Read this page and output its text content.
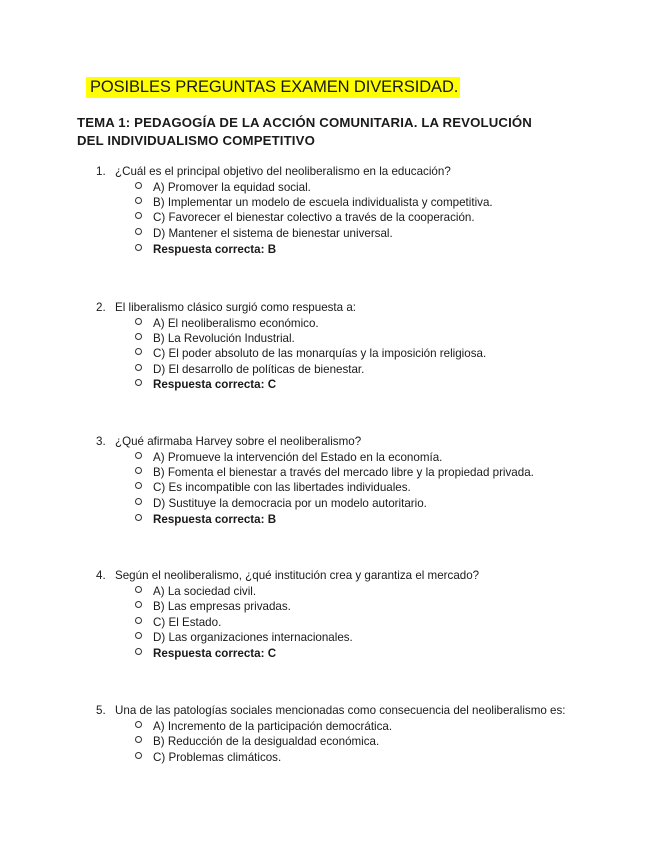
POSIBLES PREGUNTAS EXAMEN DIVERSIDAD.
TEMA 1: PEDAGOGÍA DE LA ACCIÓN COMUNITARIA. LA REVOLUCIÓN
DEL INDIVIDUALISMO COMPETITIVO
1. ¿Cuál es el principal objetivo del neoliberalismo en la educación?
A) Promover la equidad social.
B) Implementar un modelo de escuela individualista y competitiva.
C) Favorecer el bienestar colectivo a través de la cooperación.
D) Mantener el sistema de bienestar universal.
Respuesta correcta: B
2. El liberalismo clásico surgió como respuesta a:
A) El neoliberalismo económico.
B) La Revolución Industrial.
C) El poder absoluto de las monarquías y la imposición religiosa.
D) El desarrollo de políticas de bienestar.
Respuesta correcta: C
3. ¿Qué afirmaba Harvey sobre el neoliberalismo?
A) Promueve la intervención del Estado en la economía.
B) Fomenta el bienestar a través del mercado libre y la propiedad privada.
C) Es incompatible con las libertades individuales.
D) Sustituye la democracia por un modelo autoritario.
Respuesta correcta: B
4. Según el neoliberalismo, ¿qué institución crea y garantiza el mercado?
A) La sociedad civil.
B) Las empresas privadas.
C) El Estado.
D) Las organizaciones internacionales.
Respuesta correcta: C
5. Una de las patologías sociales mencionadas como consecuencia del neoliberalismo es:
A) Incremento de la participación democrática.
B) Reducción de la desigualdad económica.
C) Problemas climáticos.
